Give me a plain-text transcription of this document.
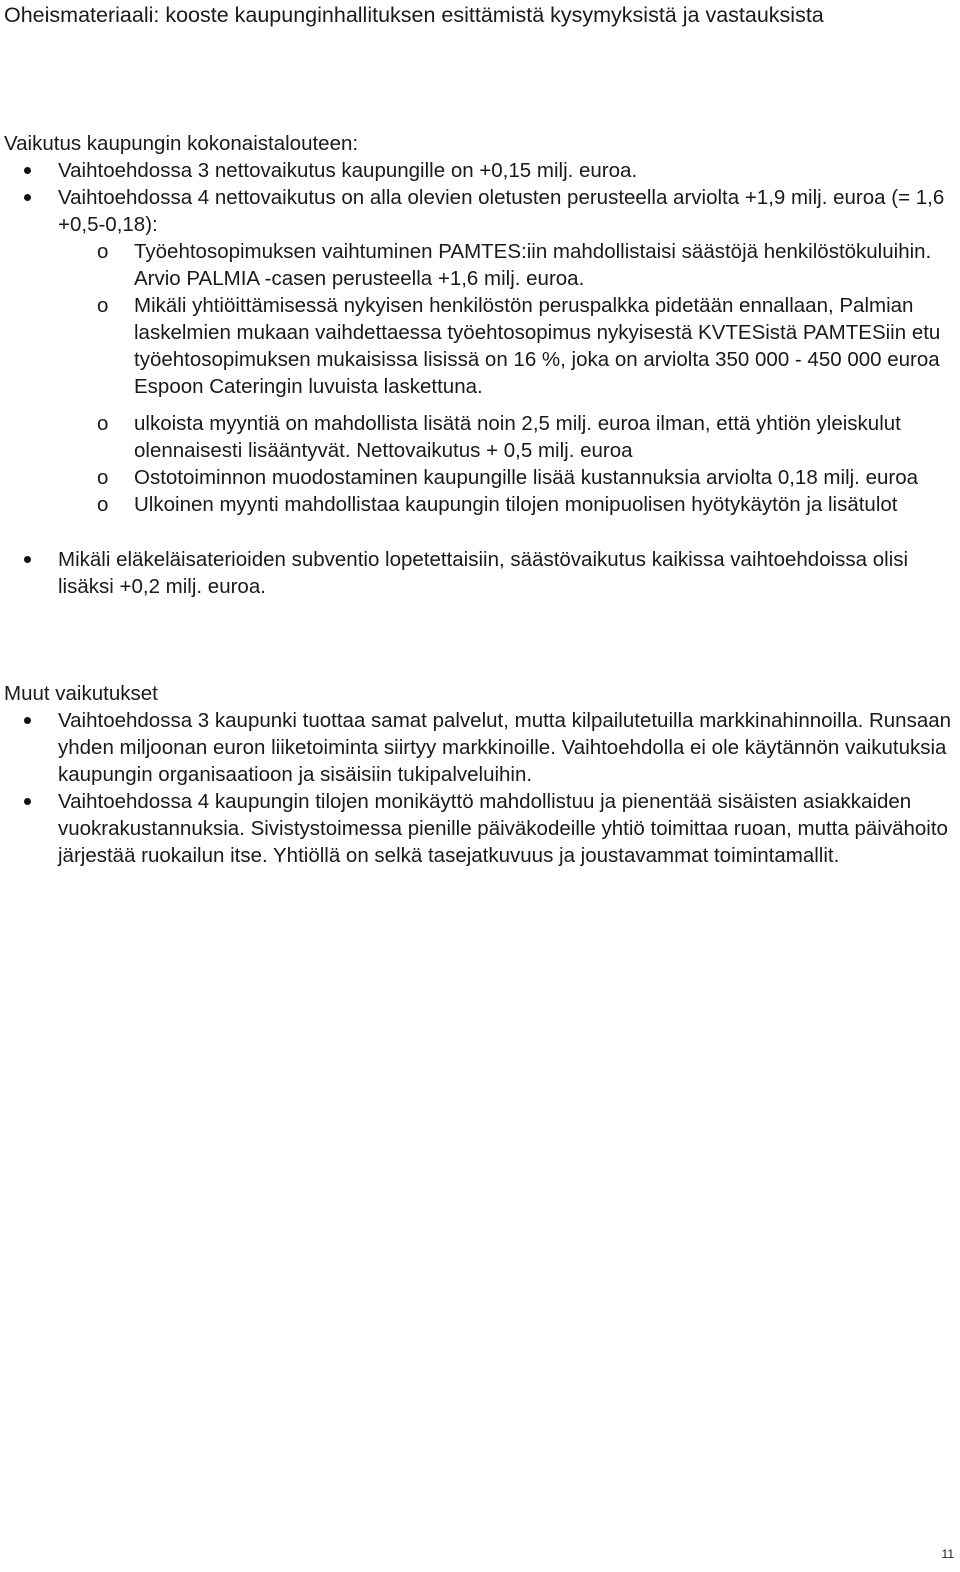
Oheismateriaali: kooste kaupunginhallituksen esittämistä kysymyksistä ja vastauksista
Vaikutus kaupungin kokonaistalouteen:
Vaihtoehdossa 3 nettovaikutus kaupungille on +0,15 milj. euroa.
Vaihtoehdossa 4 nettovaikutus on alla olevien oletusten perusteella arviolta +1,9 milj. euroa (= 1,6 +0,5-0,18):
o Työehtosopimuksen vaihtuminen PAMTES:iin mahdollistaisi säästöjä henkilöstökuluihin. Arvio PALMIA -casen perusteella +1,6 milj. euroa.
o Mikäli yhtiöittämisessä nykyisen henkilöstön peruspalkka pidetään ennallaan, Palmian laskelmien mukaan vaihdettaessa työehtosopimus nykyisestä KVTESistä PAMTESiin etu työehtosopimuksen mukaisissa lisissä on 16 %, joka on arviolta 350 000 - 450 000 euroa Espoon Cateringin luvuista laskettuna.
o ulkoista myyntiä on mahdollista lisätä noin 2,5 milj. euroa ilman, että yhtiön yleiskulut olennaisesti lisääntyvät. Nettovaikutus + 0,5 milj. euroa
o Ostotoiminnon muodostaminen kaupungille lisää kustannuksia arviolta 0,18 milj. euroa
o Ulkoinen myynti mahdollistaa kaupungin tilojen monipuolisen hyötykäytön ja lisätulot
Mikäli eläkeläisaterioiden subventio lopetettaisiin, säästövaikutus kaikissa vaihtoehdoissa olisi lisäksi +0,2 milj. euroa.
Muut vaikutukset
Vaihtoehdossa 3 kaupunki tuottaa samat palvelut, mutta kilpailutetuilla markkinahinnoilla. Runsaan yhden miljoonan euron liiketoiminta siirtyy markkinoille. Vaihtoehdolla ei ole käytännön vaikutuksia kaupungin organisaatioon ja sisäisiin tukipalveluihin.
Vaihtoehdossa 4 kaupungin tilojen monikäyttö mahdollistuu ja pienentää sisäisten asiakkaiden vuokrakustannuksia. Sivistystoimessa pienille päiväkodeille yhtiö toimittaa ruoan, mutta päivähoito järjestää ruokailun itse. Yhtiöllä on selkä tasejatkuvuus ja joustavammat toimintamallit.
11
